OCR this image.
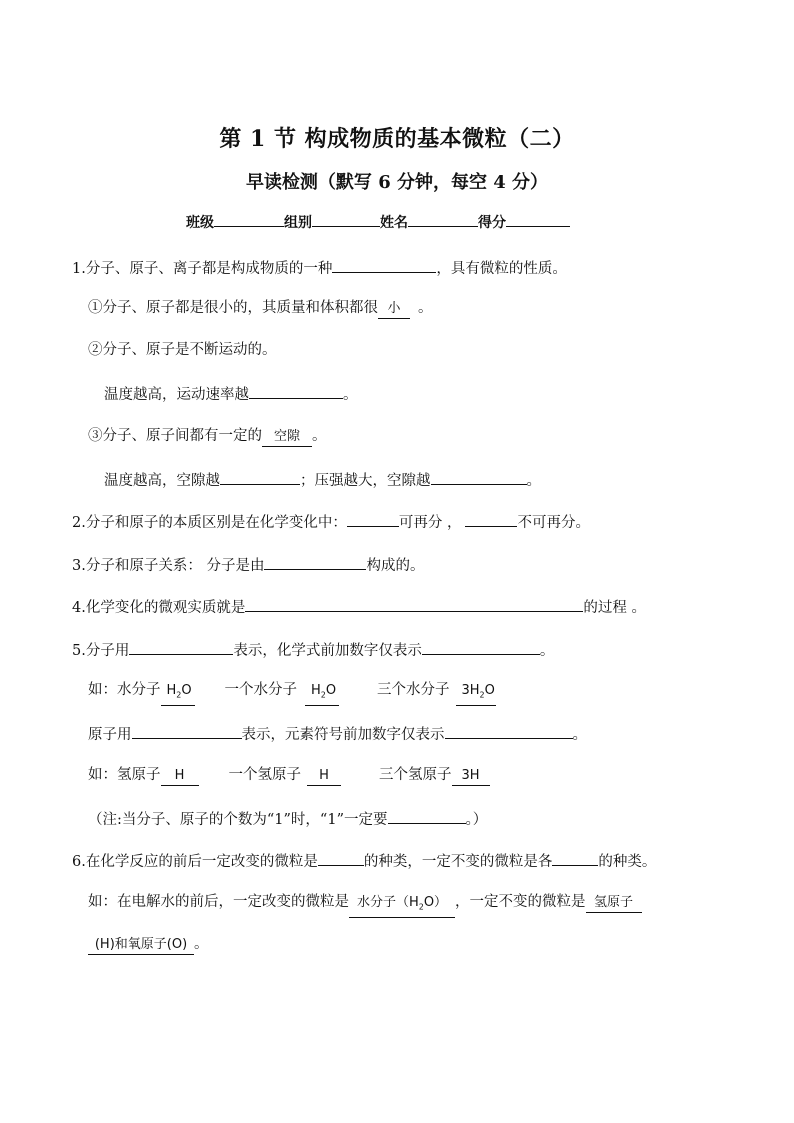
第 1 节 构成物质的基本微粒（二）
早读检测（默写 6 分钟，每空 4 分）
班级	组别	姓名	得分
1.分子、原子、离子都是构成物质的一种	，具有微粒的性质。
①分子、原子都是很小的，其质量和体积都很 小 。
②分子、原子是不断运动的。
温度越高，运动速率越	。
③分子、原子间都有一定的 空隙 。
温度越高，空隙越	；压强越大，空隙越	。
2.分子和原子的本质区别是在化学变化中：	可再分 ，	不可再分。
3.分子和原子关系： 分子是由	构成的。
4.化学变化的微观实质就是	的过程 。
5.分子用	表示，化学式前加数字仅表示	。
如：水分子 $H_2O$ 一个水分子 $H_2O$	三个水分子 $3H_2O$
原子用	表示，元素符号前加数字仅表示	。
如：氢原子 H	一个氢原子 H	三个氢原子 3H
（注:当分子、原子的个数为“1”时，“1”一定要	。）
6.在化学反应的前后一定改变的微粒是	的种类，一定不变的微粒是各	的种类。
如：在电解水的前后，一定改变的微粒是 水分子$(H_2O)$ ，一定不变的微粒是 氢原子
(H)和氧原子(O) 。
